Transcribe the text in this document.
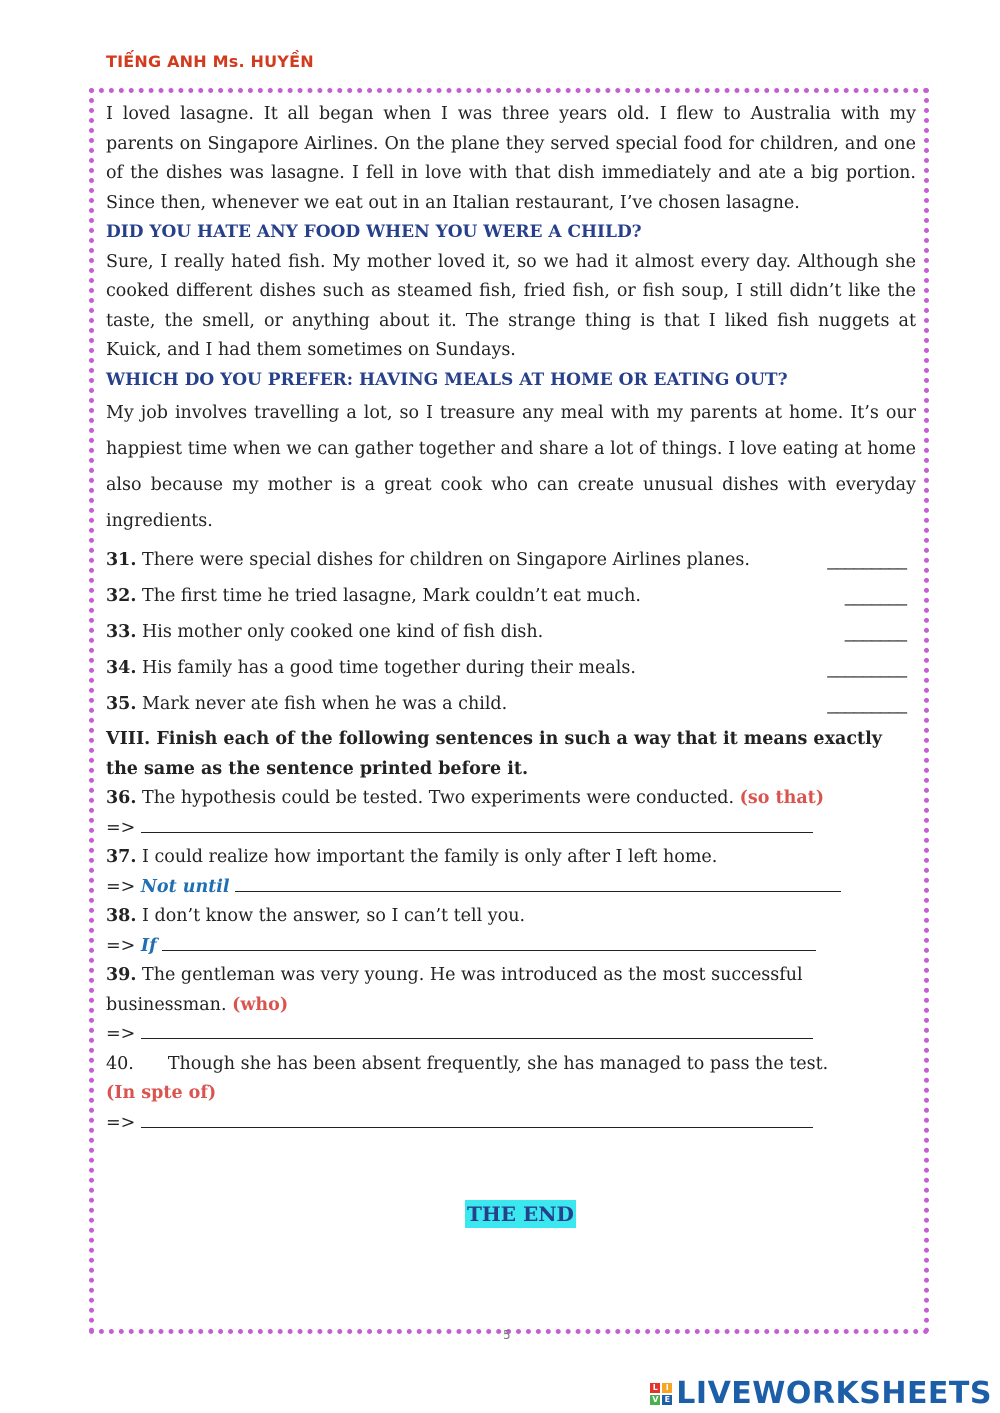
TIẾNG ANH Ms. HUYỀN

I loved lasagne. It all began when I was three years old. I flew to Australia with my parents on Singapore Airlines. On the plane they served special food for children, and one of the dishes was lasagne. I fell in love with that dish immediately and ate a big portion. Since then, whenever we eat out in an Italian restaurant, I’ve chosen lasagne.

DID YOU HATE ANY FOOD WHEN YOU WERE A CHILD?

Sure, I really hated fish. My mother loved it, so we had it almost every day. Although she cooked different dishes such as steamed fish, fried fish, or fish soup, I still didn’t like the taste, the smell, or anything about it. The strange thing is that I liked fish nuggets at Kuick, and I had them sometimes on Sundays.

WHICH DO YOU PREFER: HAVING MEALS AT HOME OR EATING OUT?

My job involves travelling a lot, so I treasure any meal with my parents at home. It’s our happiest time when we can gather together and share a lot of things. I love eating at home also because my mother is a great cook who can create unusual dishes with everyday ingredients.

31. There were special dishes for children on Singapore Airlines planes.	_________
32. The first time he tried lasagne, Mark couldn’t eat much.	_______
33. His mother only cooked one kind of fish dish.	_______
34. His family has a good time together during their meals.	_________
35. Mark never ate fish when he was a child.	_________

VIII. Finish each of the following sentences in such a way that it means exactly the same as the sentence printed before it.

36. The hypothesis could be tested. Two experiments were conducted. (so that)

=>

37. I could realize how important the family is only after I left home.

=> Not until

38. I don’t know the answer, so I can’t tell you.

=> If

39. The gentleman was very young. He was introduced as the most successful businessman. (who)

=>

40. Though she has been absent frequently, she has managed to pass the test.
(In spte of)

=>

THE END
5
L I
V E LIVEWORKSHEETS
